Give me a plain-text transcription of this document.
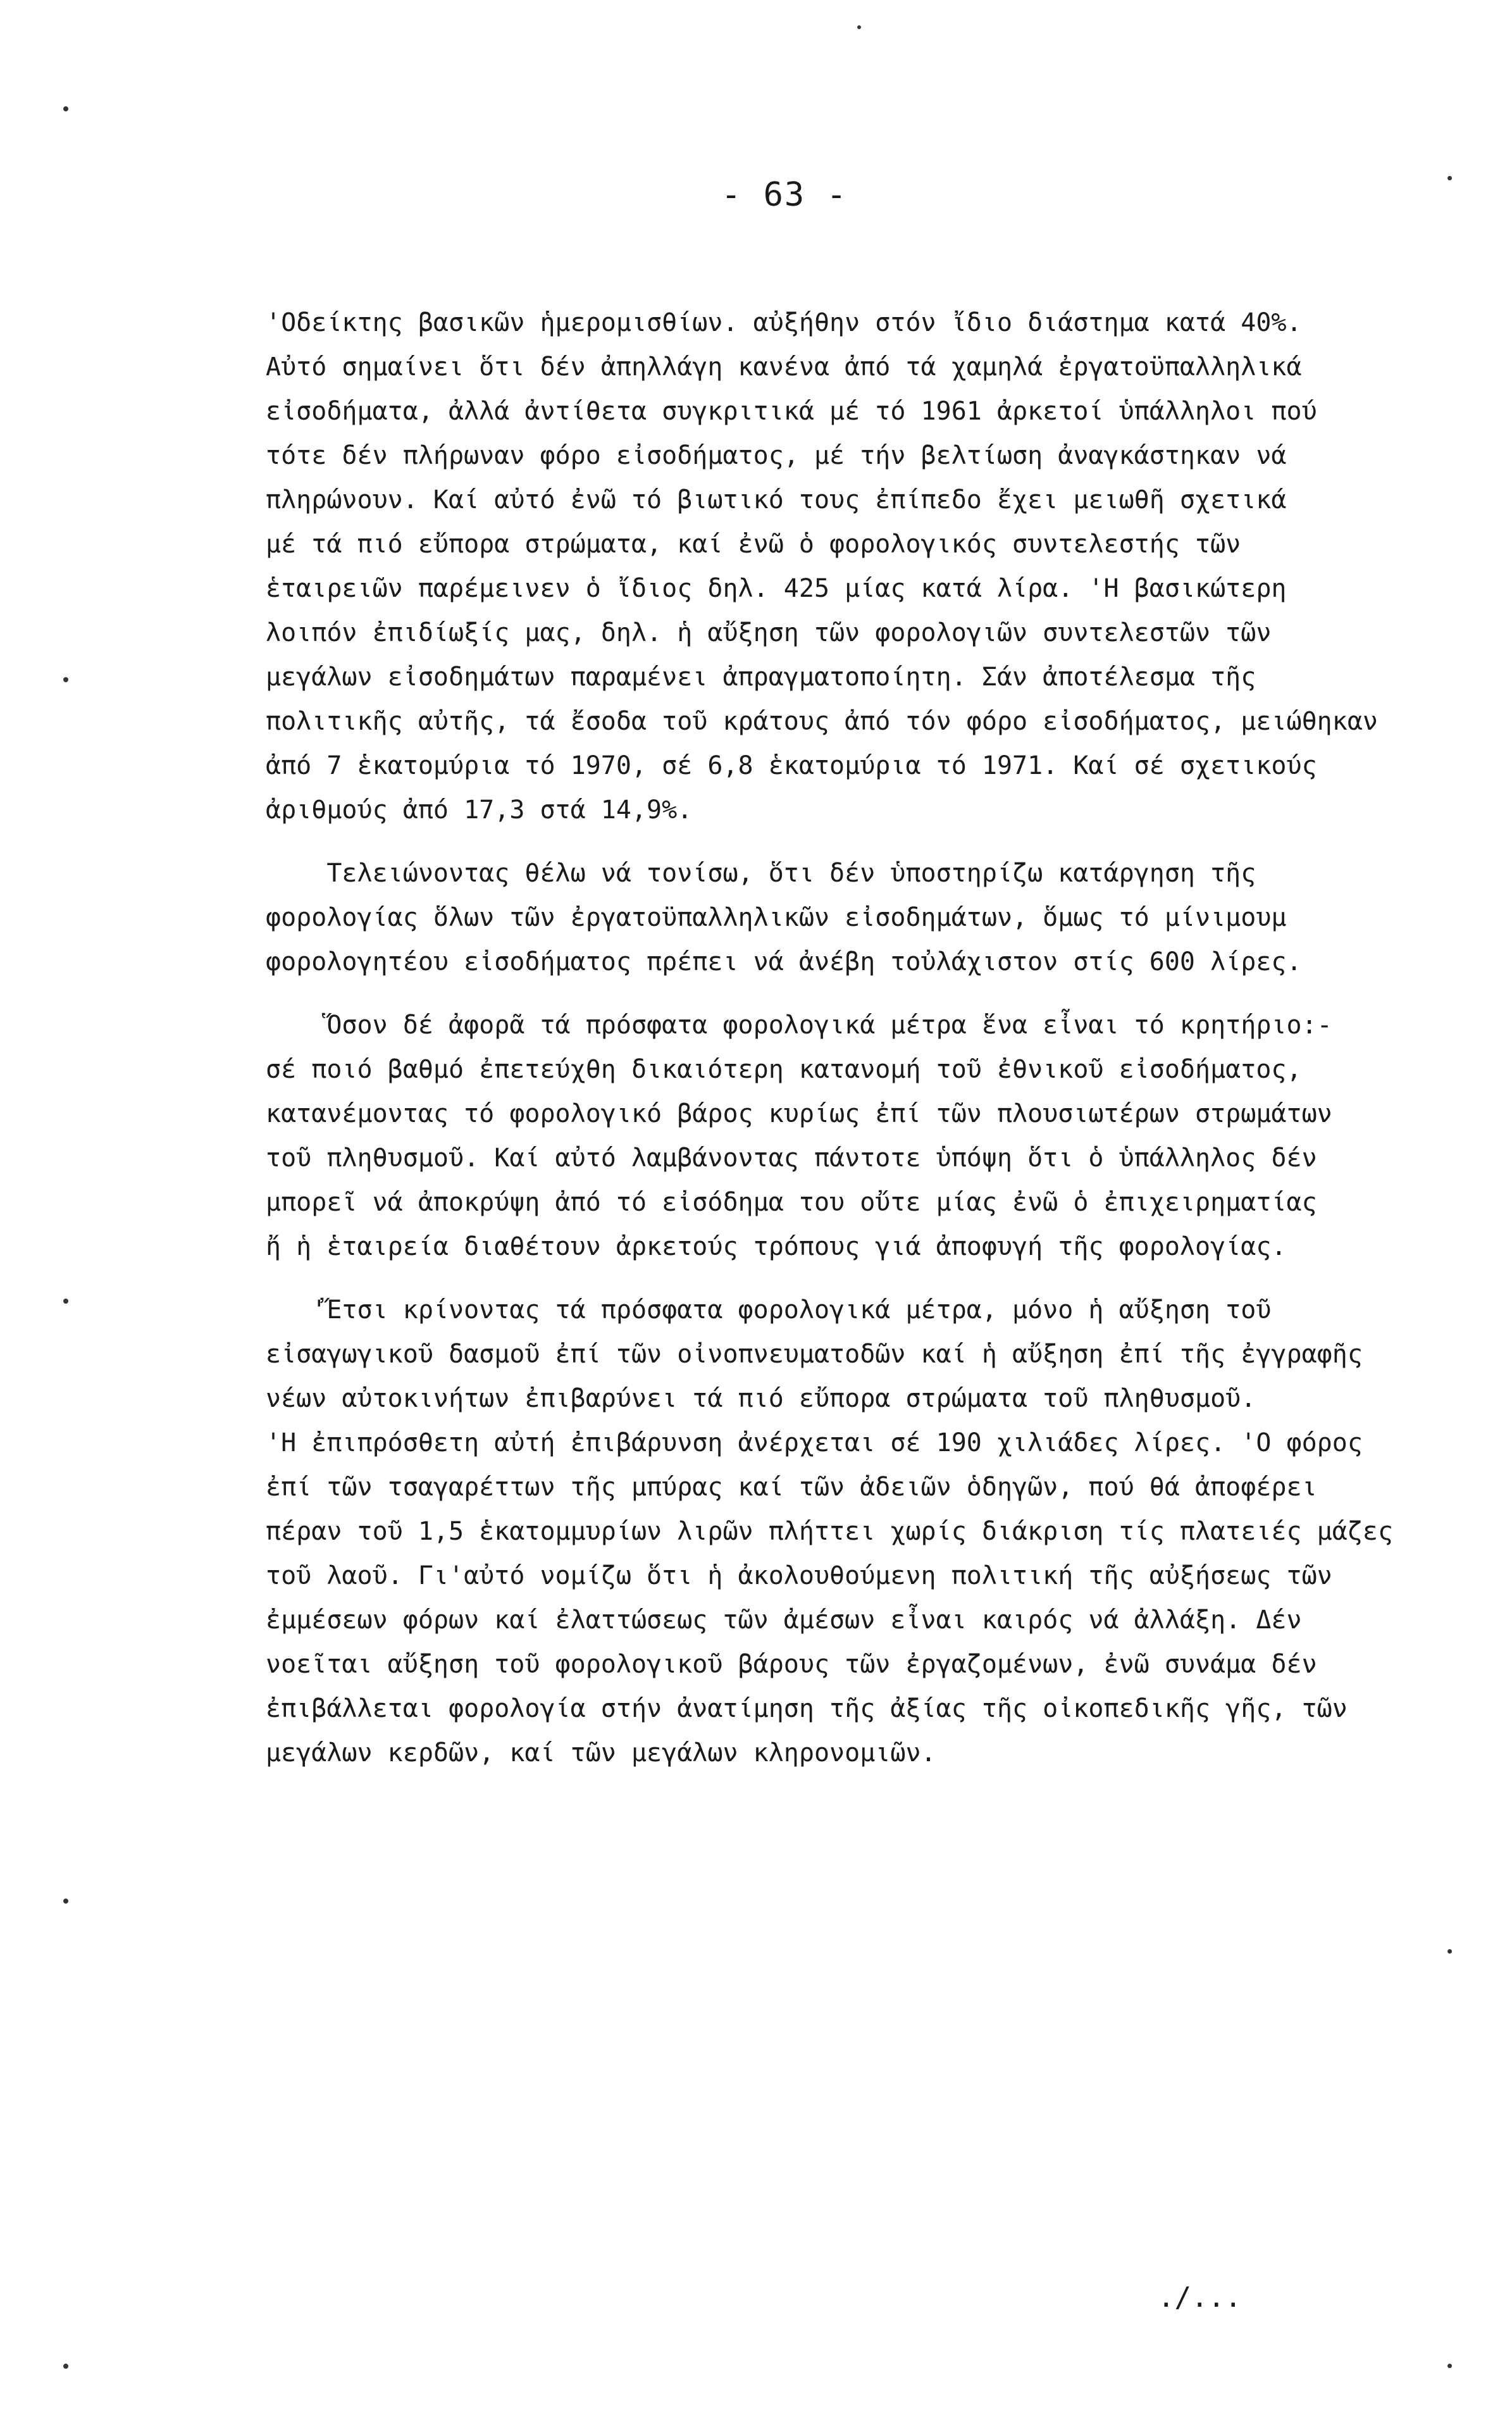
- 63 -
'Οδείκτης βασικῶν ἡμερομισθίων. αὐξήθην στόν ἴδιο διάστημα κατά 40%.
Αὐτό σημαίνει ὅτι δέν ἀπηλλάγη κανένα ἀπό τά χαμηλά ἐργατοϋπαλληλικά
εἰσοδήματα, ἀλλά ἀντίθετα συγκριτικά μέ τό 1961 ἀρκετοί ὑπάλληλοι πού
τότε δέν πλήρωναν φόρο εἰσοδήματος, μέ τήν βελτίωση ἀναγκάστηκαν νά
πληρώνουν. Καί αὐτό ἐνῶ τό βιωτικό τους ἐπίπεδο ἔχει μειωθῆ σχετικά
μέ τά πιό εὔπορα στρώματα, καί ἐνῶ ὁ φορολογικός συντελεστής τῶν
ἑταιρειῶν παρέμεινεν ὁ ἴδιος δηλ. 425 μίας κατά λίρα. 'Η βασικώτερη
λοιπόν ἐπιδίωξίς μας, δηλ. ἡ αὔξηση τῶν φορολογιῶν συντελεστῶν τῶν
μεγάλων εἰσοδημάτων παραμένει ἀπραγματοποίητη. Σάν ἀποτέλεσμα τῆς
πολιτικῆς αὐτῆς, τά ἔσοδα τοῦ κράτους ἀπό τόν φόρο εἰσοδήματος, μειώθηκαν
ἀπό 7 ἑκατομύρια τό 1970, σέ 6,8 ἑκατομύρια τό 1971. Καί σέ σχετικούς
ἀριθμούς ἀπό 17,3 στά 14,9%.
Τελειώνοντας θέλω νά τονίσω, ὅτι δέν ὑποστηρίζω κατάργηση τῆς
φορολογίας ὅλων τῶν ἐργατοϋπαλληλικῶν εἰσοδημάτων, ὅμως τό μίνιμουμ
φορολογητέου εἰσοδήματος πρέπει νά ἀνέβη τοὐλάχιστον στίς 600 λίρες.
Ὅσον δέ ἀφορᾶ τά πρόσφατα φορολογικά μέτρα ἕνα εἶναι τό κρητήριο:-
σέ ποιό βαθμό ἐπετεύχθη δικαιότερη κατανομή τοῦ ἐθνικοῦ εἰσοδήματος,
κατανέμοντας τό φορολογικό βάρος κυρίως ἐπί τῶν πλουσιωτέρων στρωμάτων
τοῦ πληθυσμοῦ. Καί αὐτό λαμβάνοντας πάντοτε ὑπόψη ὅτι ὁ ὑπάλληλος δέν
μπορεῖ νά ἀποκρύψη ἀπό τό εἰσόδημα του οὔτε μίας ἐνῶ ὁ ἐπιχειρηματίας
ἤ ἡ ἑταιρεία διαθέτουν ἀρκετούς τρόπους γιά ἀποφυγή τῆς φορολογίας.
'Ἔτσι κρίνοντας τά πρόσφατα φορολογικά μέτρα, μόνο ἡ αὔξηση τοῦ
εἰσαγωγικοῦ δασμοῦ ἐπί τῶν οἰνοπνευματοδῶν καί ἡ αὔξηση ἐπί τῆς ἐγγραφῆς
νέων αὐτοκινήτων ἐπιβαρύνει τά πιό εὔπορα στρώματα τοῦ πληθυσμοῦ.
'Η ἐπιπρόσθετη αὐτή ἐπιβάρυνση ἀνέρχεται σέ 190 χιλιάδες λίρες. 'Ο φόρος
ἐπί τῶν τσαγαρέττων τῆς μπύρας καί τῶν ἀδειῶν ὁδηγῶν, πού θά ἀποφέρει
πέραν τοῦ 1,5 ἑκατομμυρίων λιρῶν πλήττει χωρίς διάκριση τίς πλατειές μάζες
τοῦ λαοῦ. Γι'αὐτό νομίζω ὅτι ἡ ἀκολουθούμενη πολιτική τῆς αὐξήσεως τῶν
ἐμμέσεων φόρων καί ἐλαττώσεως τῶν ἀμέσων εἶναι καιρός νά ἀλλάξη. Δέν
νοεῖται αὔξηση τοῦ φορολογικοῦ βάρους τῶν ἐργαζομένων, ἐνῶ συνάμα δέν
ἐπιβάλλεται φορολογία στήν ἀνατίμηση τῆς ἀξίας τῆς οἰκοπεδικῆς γῆς, τῶν
μεγάλων κερδῶν, καί τῶν μεγάλων κληρονομιῶν.
./...
